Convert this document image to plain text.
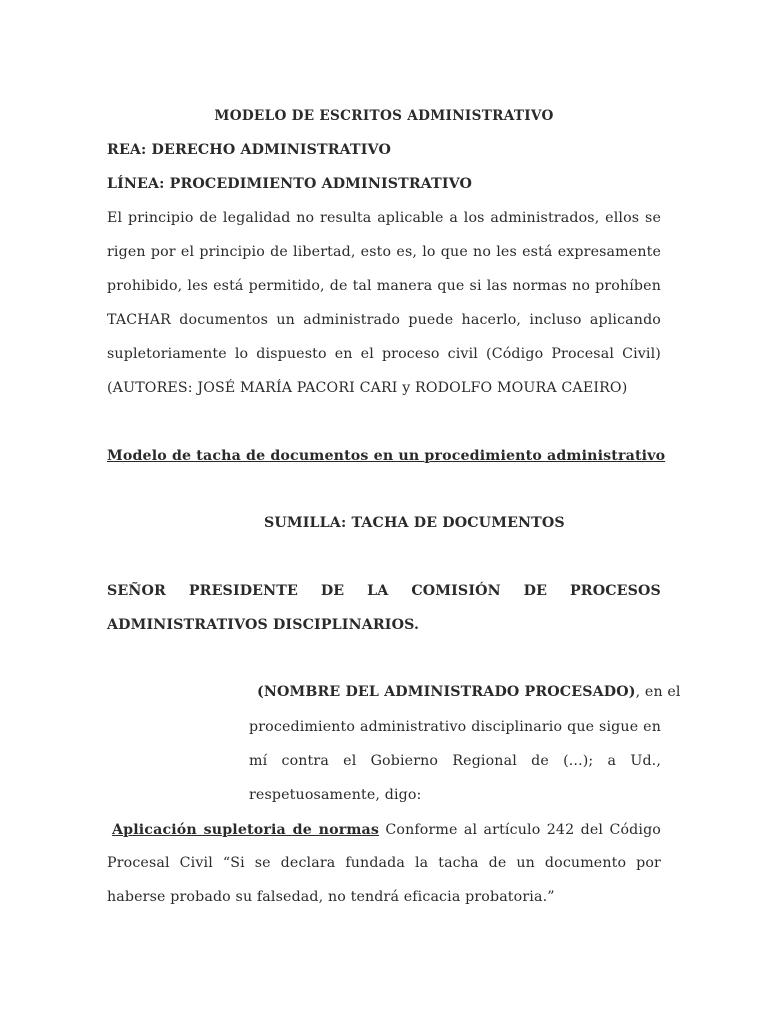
MODELO DE ESCRITOS ADMINISTRATIVO
REA: DERECHO ADMINISTRATIVO
LÍNEA: PROCEDIMIENTO ADMINISTRATIVO
El principio de legalidad no resulta aplicable a los administrados, ellos se
rigen por el principio de libertad, esto es, lo que no les está expresamente
prohibido, les está permitido, de tal manera que si las normas no prohíben
TACHAR documentos un administrado puede hacerlo, incluso aplicando
supletoriamente lo dispuesto en el proceso civil (Código Procesal Civil)
(AUTORES: JOSÉ MARÍA PACORI CARI y RODOLFO MOURA CAEIRO)
Modelo de tacha de documentos en un procedimiento administrativo
SUMILLA: TACHA DE DOCUMENTOS
SEÑOR PRESIDENTE DE LA COMISIÓN DE PROCESOS
ADMINISTRATIVOS DISCIPLINARIOS.
(NOMBRE DEL ADMINISTRADO PROCESADO), en el
procedimiento administrativo disciplinario que sigue en
mí contra el Gobierno Regional de (...); a Ud.,
respetuosamente, digo:
Aplicación supletoria de normas Conforme al artículo 242 del Código
Procesal Civil “Si se declara fundada la tacha de un documento por
haberse probado su falsedad, no tendrá eficacia probatoria.”
